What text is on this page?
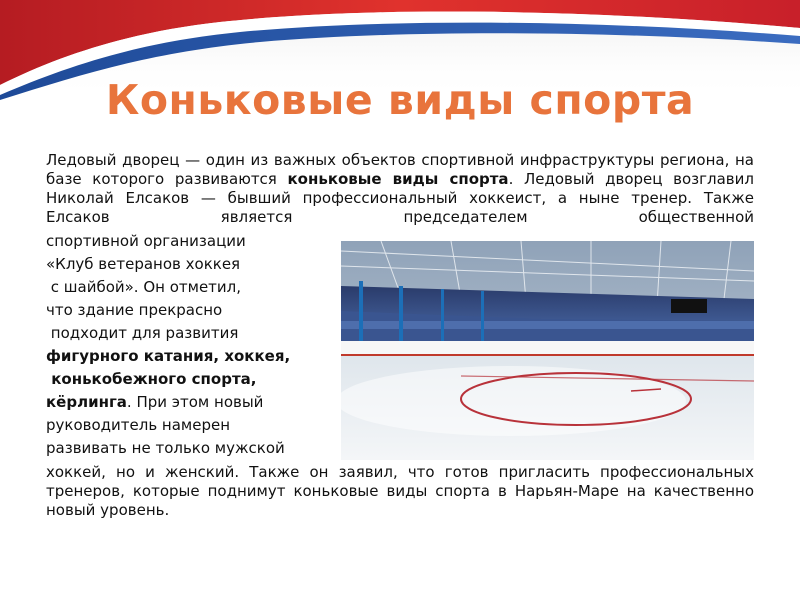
Коньковые виды спорта
Ледовый дворец — один из важных объектов спортивной инфраструктуры региона, на базе которого развиваются коньковые виды спорта. Ледовый дворец возглавил Николай Елсаков — бывший профессиональный хоккеист, а ныне тренер. Также Елсаков является председателем общественной
спортивной организации
«Клуб ветеранов хоккея
с шайбой». Он отметил,
что здание прекрасно
подходит для развития
фигурного катания, хоккея,
конькобежного спорта,
кёрлинга. При этом новый
руководитель намерен
развивать не только мужской
хоккей, но и женский. Также он заявил, что готов пригласить профессиональных тренеров, которые поднимут коньковые виды спорта в Нарьян-Маре на качественно новый уровень.
